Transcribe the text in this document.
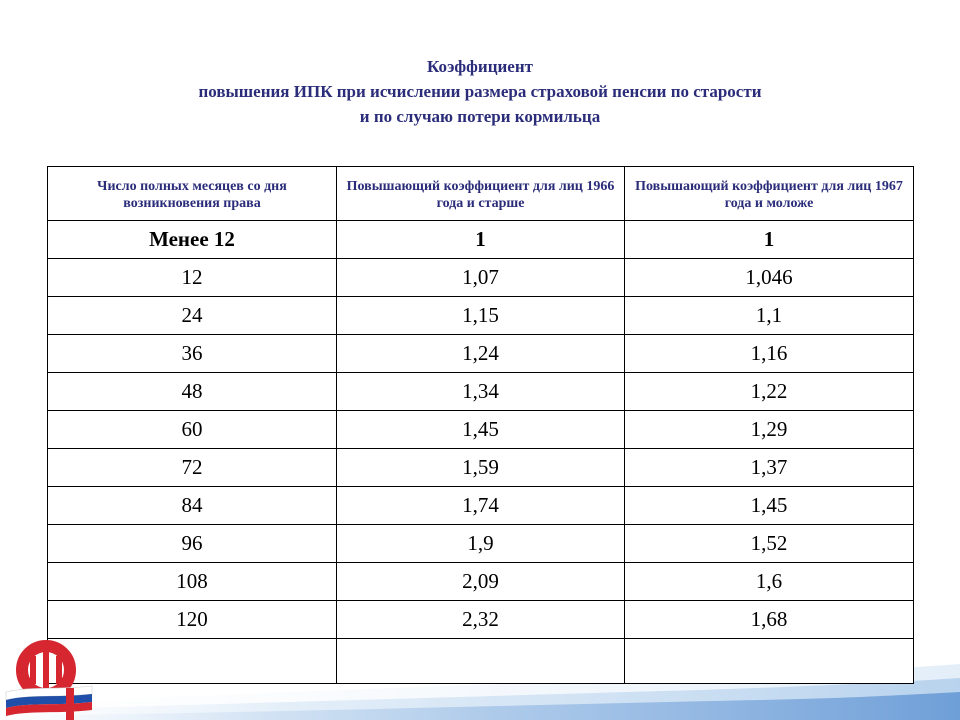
Коэффициент
повышения ИПК при исчислении размера страховой пенсии по старости
и по случаю потери кормильца
Число полных месяцев со дня возникновения права	Повышающий коэффициент для лиц 1966 года и старше	Повышающий коэффициент для лиц 1967 года и моложе
Менее 12	1	1
12	1,07	1,046
24	1,15	1,1
36	1,24	1,16
48	1,34	1,22
60	1,45	1,29
72	1,59	1,37
84	1,74	1,45
96	1,9	1,52
108	2,09	1,6
120	2,32	1,68
